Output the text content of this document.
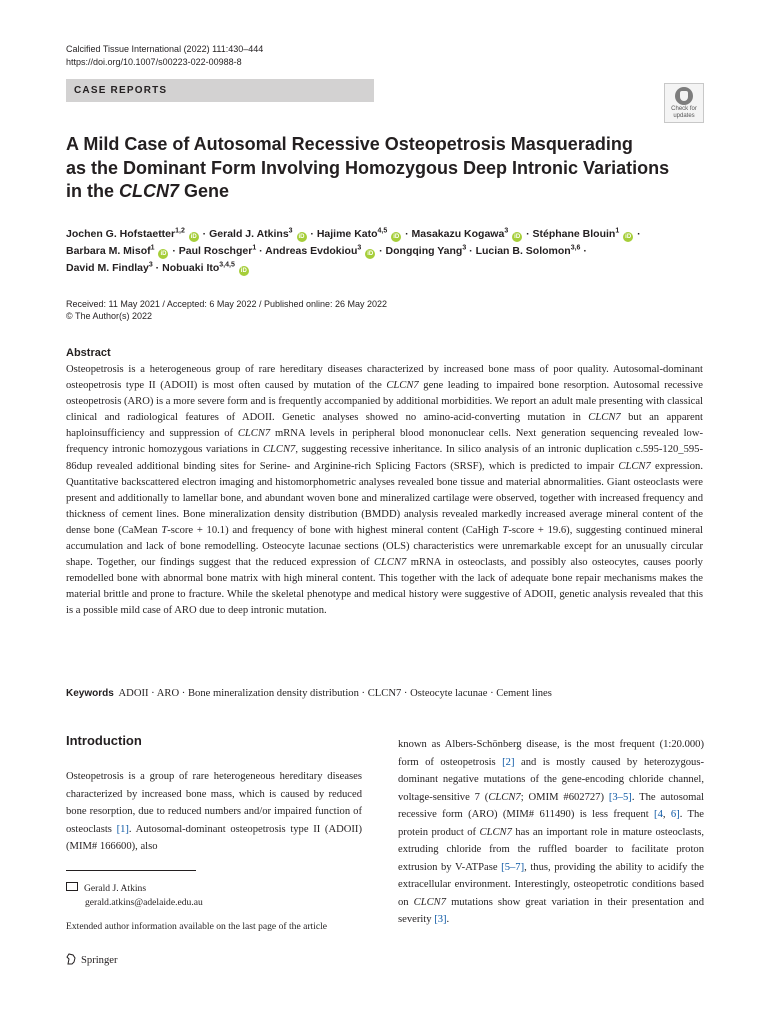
Calcified Tissue International (2022) 111:430–444
https://doi.org/10.1007/s00223-022-00988-8
CASE REPORTS
Check for
updates
A Mild Case of Autosomal Recessive Osteopetrosis Masquerading
as the Dominant Form Involving Homozygous Deep Intronic Variations
in the CLCN7 Gene
Jochen G. Hofstaetter$^{1,2}$ iD · Gerald J. Atkins$^3$ iD · Hajime Kato$^{4,5}$ iD · Masakazu Kogawa$^3$ iD · Stéphane Blouin$^1$ iD ·
Barbara M. Misof$^1$ iD · Paul Roschger$^1$ · Andreas Evdokiou$^3$ iD · Dongqing Yang$^3$ · Lucian B. Solomon$^{3,6}$ ·
David M. Findlay$^3$ · Nobuaki Ito$^{3,4,5}$ iD
Received: 11 May 2021 / Accepted: 6 May 2022 / Published online: 26 May 2022
© The Author(s) 2022
Abstract
Osteopetrosis is a heterogeneous group of rare hereditary diseases characterized by increased bone mass of poor quality. Autosomal-dominant osteopetrosis type II (ADOII) is most often caused by mutation of the CLCN7 gene leading to impaired bone resorption. Autosomal recessive osteopetrosis (ARO) is a more severe form and is frequently accompanied by additional morbidities. We report an adult male presenting with classical clinical and radiological features of ADOII. Genetic analyses showed no amino-acid-converting mutation in CLCN7 but an apparent haploinsufficiency and suppression of CLCN7 mRNA levels in peripheral blood mononuclear cells. Next generation sequencing revealed low-frequency intronic homozygous variations in CLCN7, suggesting recessive inheritance. In silico analysis of an intronic duplication c.595-120_595-86dup revealed additional binding sites for Serine- and Arginine-rich Splicing Factors (SRSF), which is predicted to impair CLCN7 expression. Quantitative backscattered electron imaging and histomorphometric analyses revealed bone tissue and material abnormalities. Giant osteoclasts were present and additionally to lamellar bone, and abundant woven bone and mineralized cartilage were observed, together with increased frequency and thickness of cement lines. Bone mineralization density distribution (BMDD) analysis revealed markedly increased average mineral content of the dense bone (CaMean T-score + 10.1) and frequency of bone with highest mineral content (CaHigh T-score + 19.6), suggesting continued mineral accumulation and lack of bone remodelling. Osteocyte lacunae sections (OLS) characteristics were unremarkable except for an unusually circular shape. Together, our findings suggest that the reduced expression of CLCN7 mRNA in osteoclasts, and possibly also osteocytes, causes poorly remodelled bone with abnormal bone matrix with high mineral content. This together with the lack of adequate bone repair mechanisms makes the material brittle and prone to fracture. While the skeletal phenotype and medical history were suggestive of ADOII, genetic analysis revealed that this is a possible mild case of ARO due to deep intronic mutation.
Keywords ADOII · ARO · Bone mineralization density distribution · CLCN7 · Osteocyte lacunae · Cement lines
Introduction
Osteopetrosis is a group of rare heterogeneous hereditary diseases characterized by increased bone mass, which is caused by reduced bone resorption, due to reduced numbers and/or impaired function of osteoclasts [1]. Autosomal-dominant osteopetrosis type II (ADOII) (MIM# 166600), also
known as Albers-Schönberg disease, is the most frequent (1:20.000) form of osteopetrosis [2] and is mostly caused by heterozygous-dominant negative mutations of the gene-encoding chloride channel, voltage-sensitive 7 (CLCN7; OMIM #602727) [3–5]. The autosomal recessive form (ARO) (MIM# 611490) is less frequent [4, 6]. The protein product of CLCN7 has an important role in mature osteoclasts, extruding chloride from the ruffled boarder to facilitate proton extrusion by V-ATPase [5–7], thus, providing the ability to acidify the extracellular environment. Interestingly, osteopetrotic conditions based on CLCN7 mutations show great variation in their presentation and severity [3].
Gerald J. Atkins
gerald.atkins@adelaide.edu.au
Extended author information available on the last page of the article
Springer
